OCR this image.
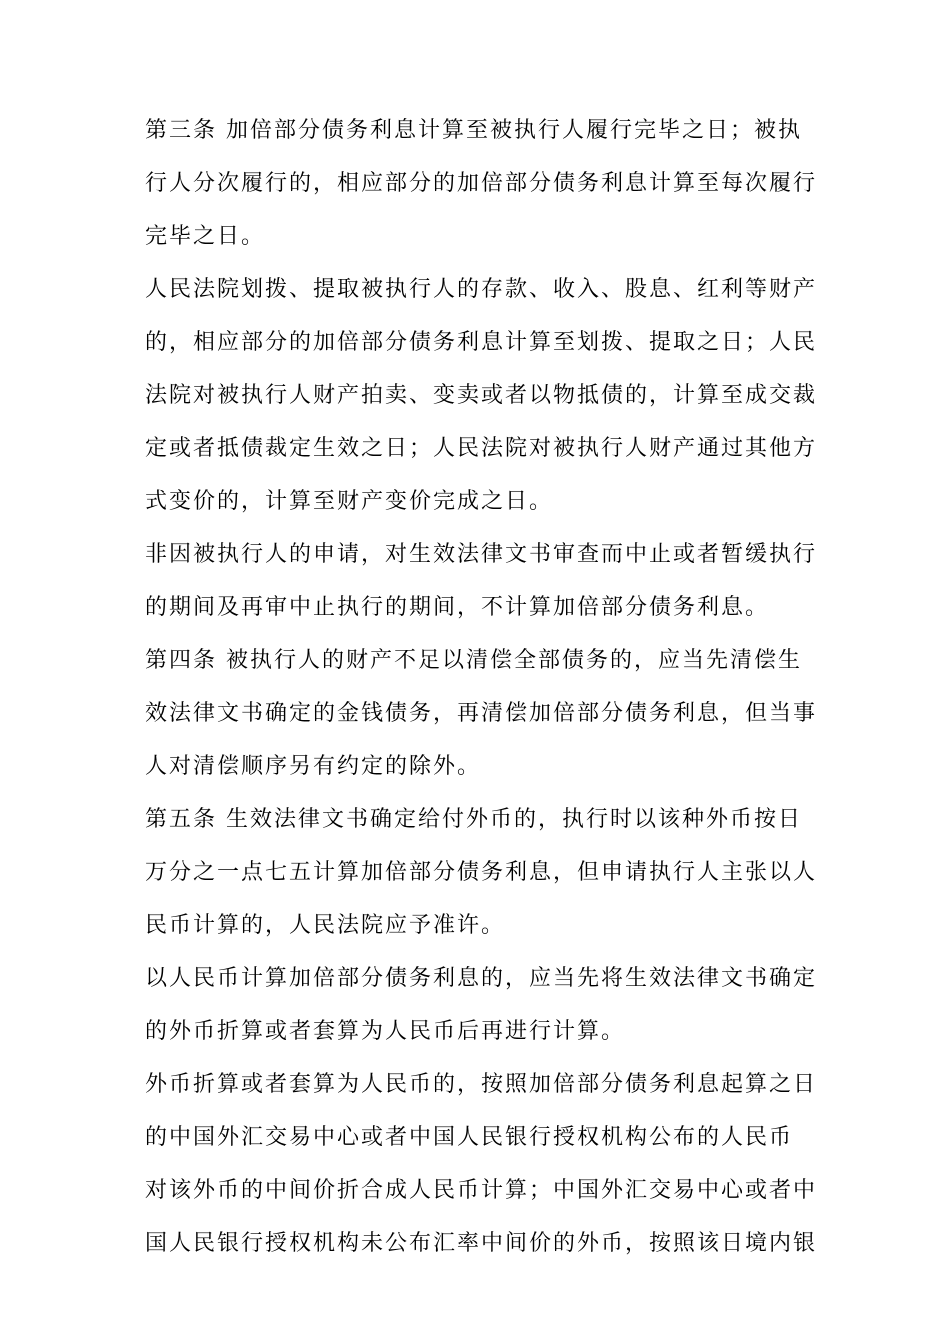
第三条 加倍部分债务利息计算至被执行人履行完毕之日；被执
行人分次履行的，相应部分的加倍部分债务利息计算至每次履行
完毕之日。
人民法院划拨、提取被执行人的存款、收入、股息、红利等财产
的，相应部分的加倍部分债务利息计算至划拨、提取之日；人民
法院对被执行人财产拍卖、变卖或者以物抵债的，计算至成交裁
定或者抵债裁定生效之日；人民法院对被执行人财产通过其他方
式变价的，计算至财产变价完成之日。
非因被执行人的申请，对生效法律文书审查而中止或者暂缓执行
的期间及再审中止执行的期间，不计算加倍部分债务利息。
第四条 被执行人的财产不足以清偿全部债务的，应当先清偿生
效法律文书确定的金钱债务，再清偿加倍部分债务利息，但当事
人对清偿顺序另有约定的除外。
第五条 生效法律文书确定给付外币的，执行时以该种外币按日
万分之一点七五计算加倍部分债务利息，但申请执行人主张以人
民币计算的，人民法院应予准许。
以人民币计算加倍部分债务利息的，应当先将生效法律文书确定
的外币折算或者套算为人民币后再进行计算。
外币折算或者套算为人民币的，按照加倍部分债务利息起算之日
的中国外汇交易中心或者中国人民银行授权机构公布的人民币
对该外币的中间价折合成人民币计算；中国外汇交易中心或者中
国人民银行授权机构未公布汇率中间价的外币，按照该日境内银
